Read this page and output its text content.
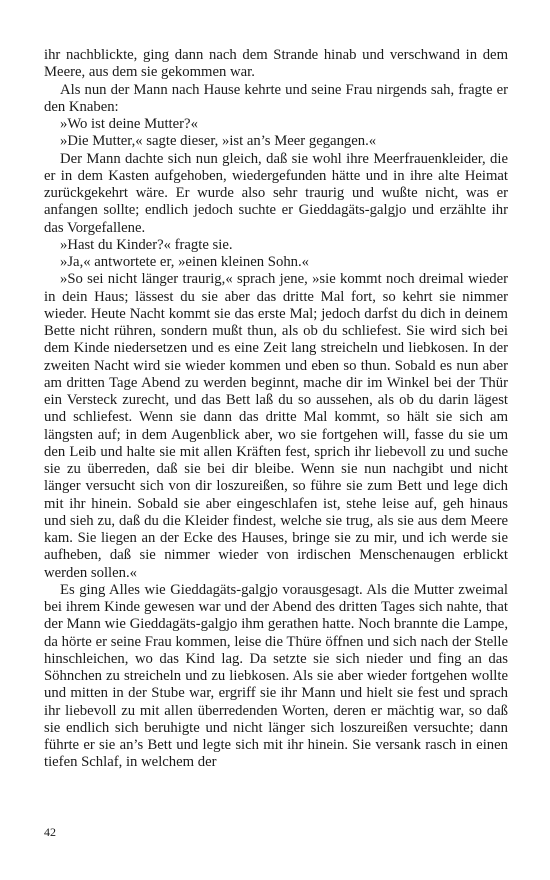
ihr nachblickte, ging dann nach dem Strande hinab und verschwand in dem Meere, aus dem sie gekommen war.

Als nun der Mann nach Hause kehrte und seine Frau nirgends sah, fragte er den Knaben:

»Wo ist deine Mutter?«

»Die Mutter,« sagte dieser, »ist an’s Meer gegangen.«

Der Mann dachte sich nun gleich, daß sie wohl ihre Meerfrauenkleider, die er in dem Kasten aufgehoben, wiedergefunden hätte und in ihre alte Heimat zurückgekehrt wäre. Er wurde also sehr traurig und wußte nicht, was er anfangen sollte; endlich jedoch suchte er Gieddagäts-galgjo und erzählte ihr das Vorgefallene.

»Hast du Kinder?« fragte sie.

»Ja,« antwortete er, »einen kleinen Sohn.«

»So sei nicht länger traurig,« sprach jene, »sie kommt noch dreimal wieder in dein Haus; lässest du sie aber das dritte Mal fort, so kehrt sie nimmer wieder. Heute Nacht kommt sie das erste Mal; jedoch darfst du dich in deinem Bette nicht rühren, sondern mußt thun, als ob du schliefest. Sie wird sich bei dem Kinde niedersetzen und es eine Zeit lang streicheln und liebkosen. In der zweiten Nacht wird sie wieder kommen und eben so thun. Sobald es nun aber am dritten Tage Abend zu werden beginnt, mache dir im Winkel bei der Thür ein Versteck zurecht, und das Bett laß du so aussehen, als ob du darin lägest und schliefest. Wenn sie dann das dritte Mal kommt, so hält sie sich am längsten auf; in dem Augenblick aber, wo sie fortgehen will, fasse du sie um den Leib und halte sie mit allen Kräften fest, sprich ihr liebevoll zu und suche sie zu überreden, daß sie bei dir bleibe. Wenn sie nun nachgibt und nicht länger versucht sich von dir loszureißen, so führe sie zum Bett und lege dich mit ihr hinein. Sobald sie aber eingeschlafen ist, stehe leise auf, geh hinaus und sieh zu, daß du die Kleider findest, welche sie trug, als sie aus dem Meere kam. Sie liegen an der Ecke des Hauses, bringe sie zu mir, und ich werde sie aufheben, daß sie nimmer wieder von irdischen Menschenaugen erblickt werden sollen.«

Es ging Alles wie Gieddagäts-galgjo vorausgesagt. Als die Mutter zweimal bei ihrem Kinde gewesen war und der Abend des dritten Tages sich nahte, that der Mann wie Gieddagäts-galgjo ihm gerathen hatte. Noch brannte die Lampe, da hörte er seine Frau kommen, leise die Thüre öffnen und sich nach der Stelle hinschleichen, wo das Kind lag. Da setzte sie sich nieder und fing an das Söhnchen zu streicheln und zu liebkosen. Als sie aber wieder fortgehen wollte und mitten in der Stube war, ergriff sie ihr Mann und hielt sie fest und sprach ihr liebevoll zu mit allen überredenden Worten, deren er mächtig war, so daß sie endlich sich beruhigte und nicht länger sich loszureißen versuchte; dann führte er sie an’s Bett und legte sich mit ihr hinein. Sie versank rasch in einen tiefen Schlaf, in welchem der

42
